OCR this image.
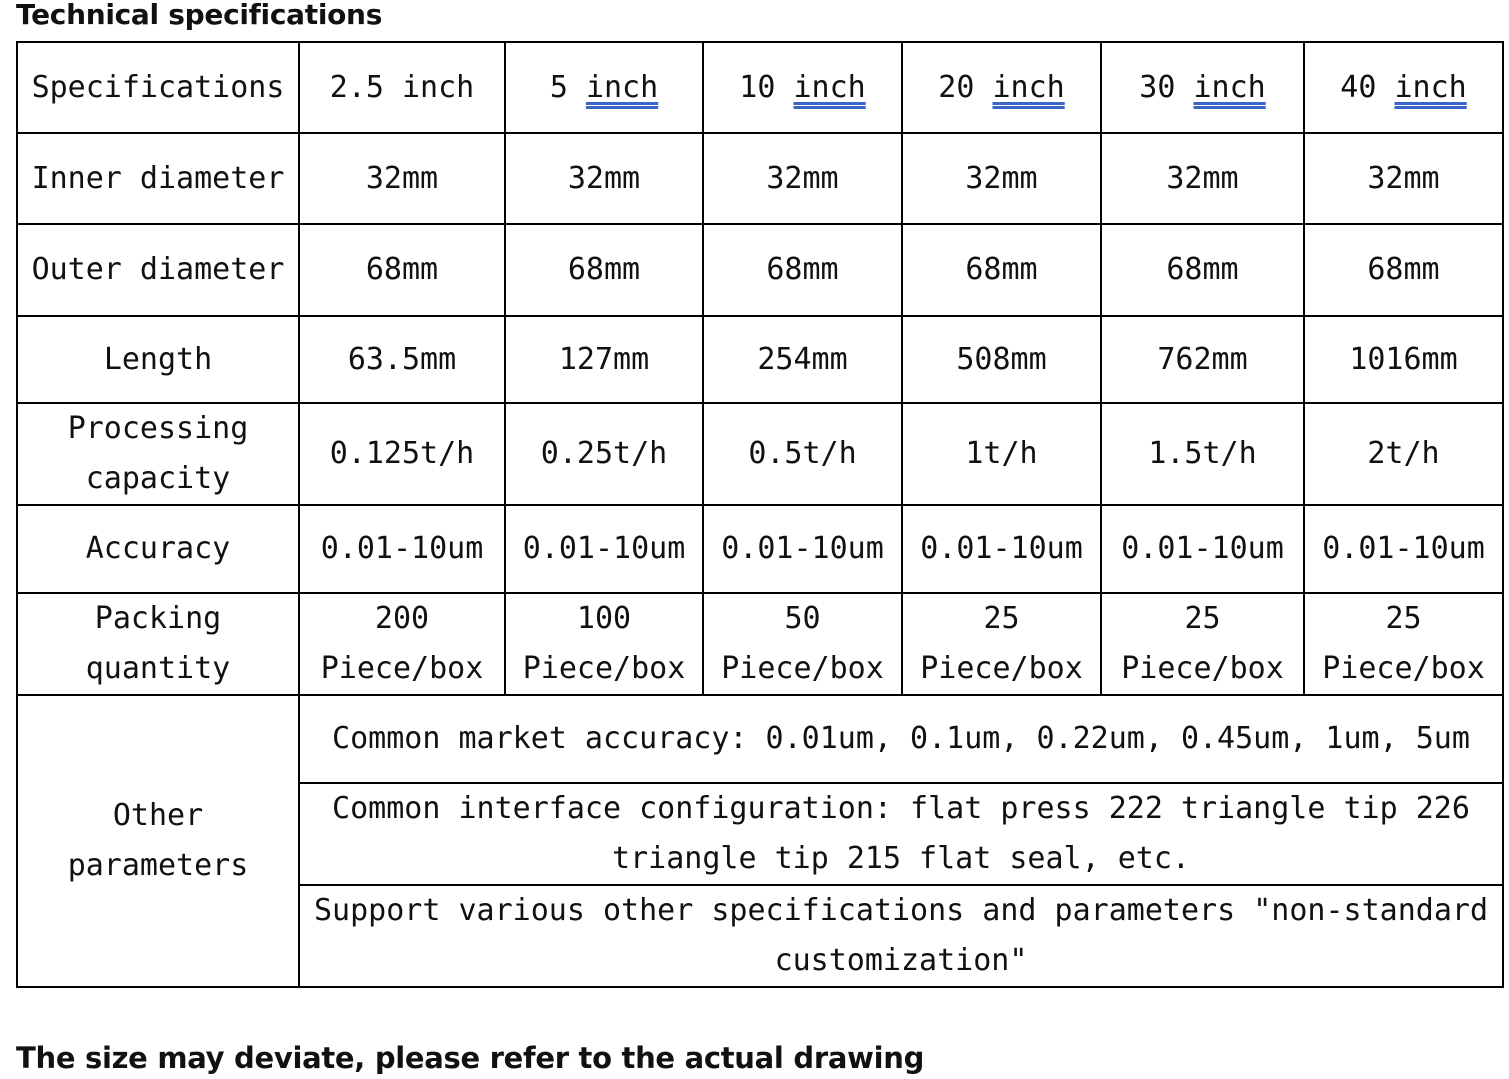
Technical specifications
Specifications	2.5 inch	5 inch	10 inch	20 inch	30 inch	40 inch
Inner diameter	32mm	32mm	32mm	32mm	32mm	32mm
Outer diameter	68mm	68mm	68mm	68mm	68mm	68mm
Length	63.5mm	127mm	254mm	508mm	762mm	1016mm
Processing capacity	0.125t/h	0.25t/h	0.5t/h	1t/h	1.5t/h	2t/h
Accuracy	0.01-10um	0.01-10um	0.01-10um	0.01-10um	0.01-10um	0.01-10um
Packing quantity	200 Piece/box	100 Piece/box	50 Piece/box	25 Piece/box	25 Piece/box	25 Piece/box
Other parameters	Common market accuracy: 0.01um, 0.1um, 0.22um, 0.45um, 1um, 5um					
	Common interface configuration: flat press 222 triangle tip 226 triangle tip 215 flat seal, etc.					
	Support various other specifications and parameters "non-standard customization"					
The size may deviate, please refer to the actual drawing
